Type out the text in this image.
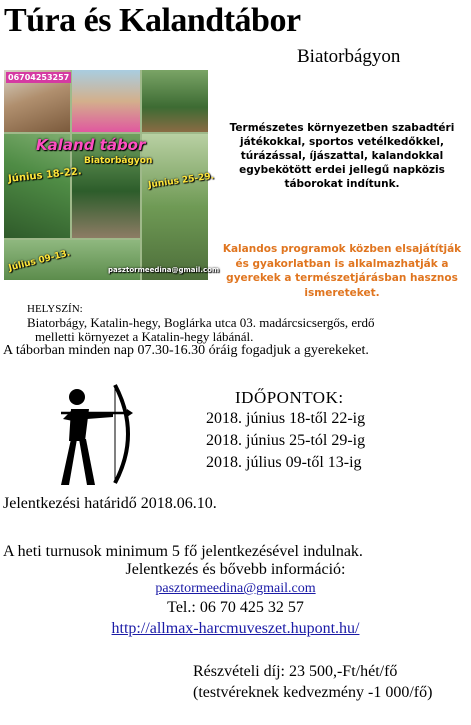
Túra és Kalandtábor
Biatorbágyon
06704253257
Kaland tábor
Biatorbágyon
Június 18-22.	Június 25-29.
Július 09-13.	pasztormeedina@gmail.com
Természetes környezetben szabadtéri játékokkal, sportos vetélkedőkkel, túrázással, íjászattal, kalandokkal egybekötött erdei jellegű napközis táborokat indítunk.
Kalandos programok közben elsajátítják és gyakorlatban is alkalmazhatják a gyerekek a természetjárásban hasznos ismereteket.
HELYSZÍN:
Biatorbágy, Katalin-hegy, Boglárka utca 03. madárcsicsergős, erdő
melletti környezet a Katalin-hegy lábánál.
A táborban minden nap 07.30-16.30 óráig fogadjuk a gyerekeket.
IDŐPONTOK:
2018. június 18-től 22-ig
2018. június 25-tól 29-ig
2018. július 09-től 13-ig
Jelentkezési határidő 2018.06.10.
A heti turnusok minimum 5 fő jelentkezésével indulnak.
Jelentkezés és bővebb információ:
pasztormeedina@gmail.com
Tel.: 06 70 425 32 57
http://allmax-harcmuveszet.hupont.hu/
Részvételi díj: 23 500,-Ft/hét/fő
(testvéreknek kedvezmény -1 000/fő)
